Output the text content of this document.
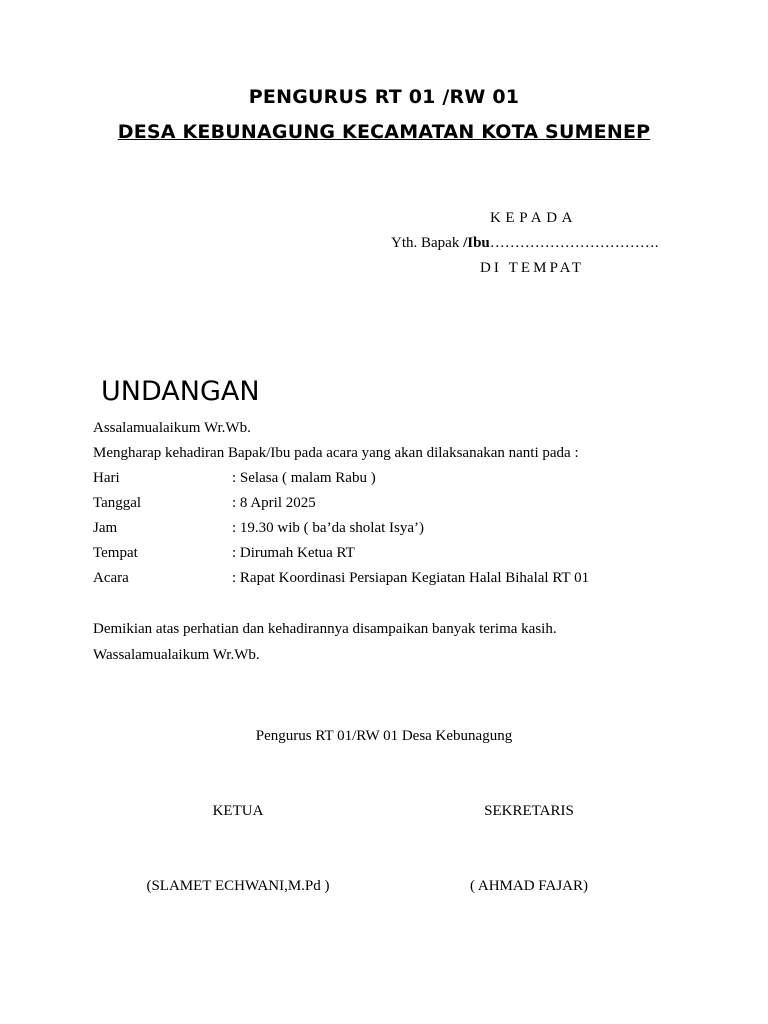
PENGURUS RT 01 /RW 01
DESA KEBUNAGUNG KECAMATAN KOTA SUMENEP
KEPADA
Yth. Bapak /Ibu…………………………….
DI TEMPAT
UNDANGAN
Assalamualaikum Wr.Wb.
Mengharap kehadiran Bapak/Ibu pada acara yang akan dilaksanakan nanti pada :
Hari	: Selasa ( malam Rabu )
Tanggal	: 8 April 2025
Jam	: 19.30 wib ( ba’da sholat Isya’)
Tempat	: Dirumah Ketua RT
Acara	: Rapat Koordinasi Persiapan Kegiatan Halal Bihalal RT 01
Demikian atas perhatian dan kehadirannya disampaikan banyak terima kasih.
Wassalamualaikum Wr.Wb.
Pengurus RT 01/RW 01 Desa Kebunagung
KETUA	SEKRETARIS
(SLAMET ECHWANI,M.Pd )	( AHMAD FAJAR)
